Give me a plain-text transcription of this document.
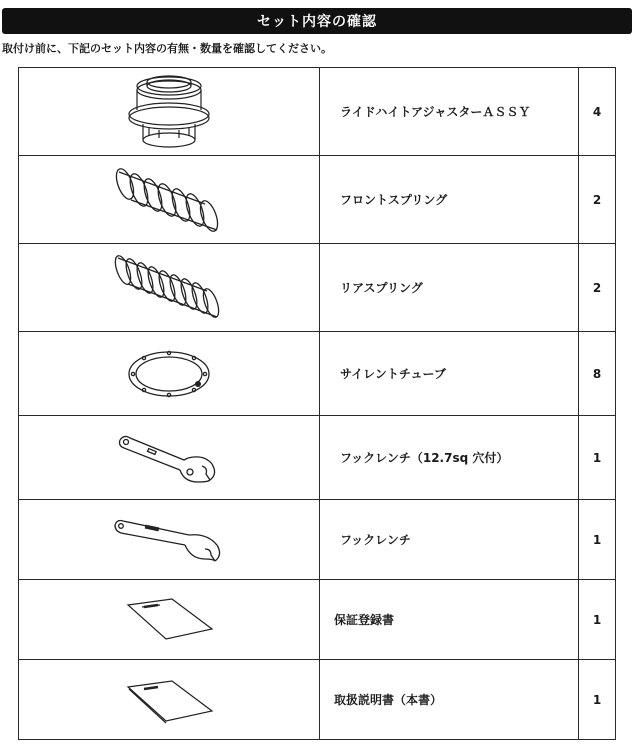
セット内容の確認
取付け前に、下記のセット内容の有無・数量を確認してください。
	ライドハイトアジャスターＡＳＳＹ	4

	フロントスプリング	2

	リアスプリング	2

	サイレントチューブ	8

	フックレンチ（12.7sq 穴付）	1

	フックレンチ	1

	保証登録書	1

	取扱説明書（本書）	1
